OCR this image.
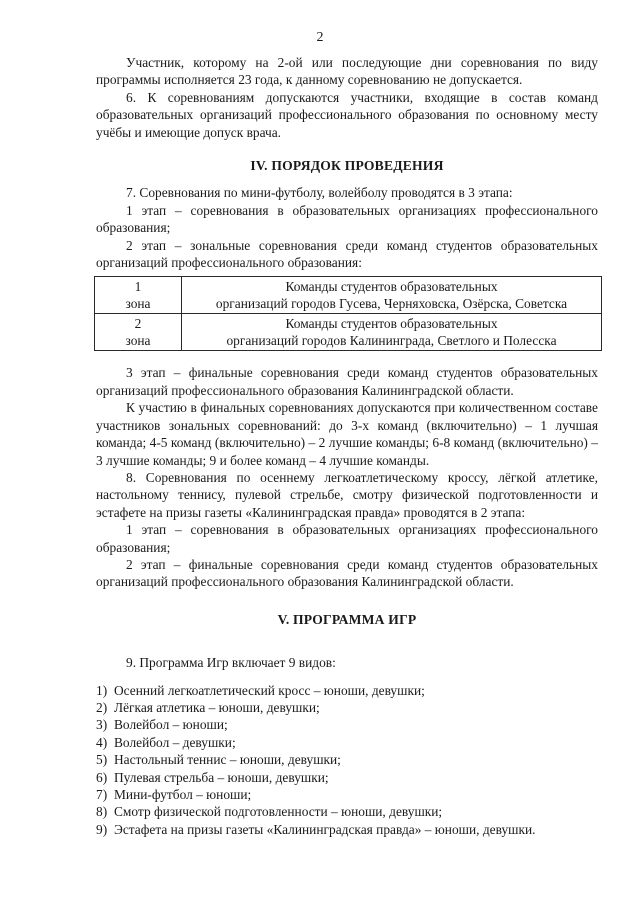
2

Участник, которому на 2-ой или последующие дни соревнования по виду программы исполняется 23 года, к данному соревнованию не допускается.

6. К соревнованиям допускаются участники, входящие в состав команд образовательных организаций профессионального образования по основному месту учёбы и имеющие допуск врача.

IV. ПОРЯДОК ПРОВЕДЕНИЯ

7. Соревнования по мини-футболу, волейболу проводятся в 3 этапа:

1 этап – соревнования в образовательных организациях профессионального образования;

2 этап – зональные соревнования среди команд студентов образовательных организаций профессионального образования:

1
зона	Команды студентов образовательных
организаций городов Гусева, Черняховска, Озёрска, Советска

2
зона	Команды студентов образовательных
организаций городов Калининграда, Светлого и Полесска

3 этап – финальные соревнования среди команд студентов образовательных организаций профессионального образования Калининградской области.

К участию в финальных соревнованиях допускаются при количественном составе участников зональных соревнований: до 3-х команд (включительно) – 1 лучшая команда; 4-5 команд (включительно) – 2 лучшие команды; 6-8 команд (включительно) – 3 лучшие команды; 9 и более команд – 4 лучшие команды.

8. Соревнования по осеннему легкоатлетическому кроссу, лёгкой атлетике, настольному теннису, пулевой стрельбе, смотру физической подготовленности и эстафете на призы газеты «Калининградская правда» проводятся в 2 этапа:

1 этап – соревнования в образовательных организациях профессионального образования;

2 этап – финальные соревнования среди команд студентов образовательных организаций профессионального образования Калининградской области.

V. ПРОГРАММА ИГР

9. Программа Игр включает 9 видов:

1) Осенний легкоатлетический кросс – юноши, девушки;
2) Лёгкая атлетика – юноши, девушки;
3) Волейбол – юноши;
4) Волейбол – девушки;
5) Настольный теннис – юноши, девушки;
6) Пулевая стрельба – юноши, девушки;
7) Мини-футбол – юноши;
8) Смотр физической подготовленности – юноши, девушки;
9) Эстафета на призы газеты «Калининградская правда» – юноши, девушки.
